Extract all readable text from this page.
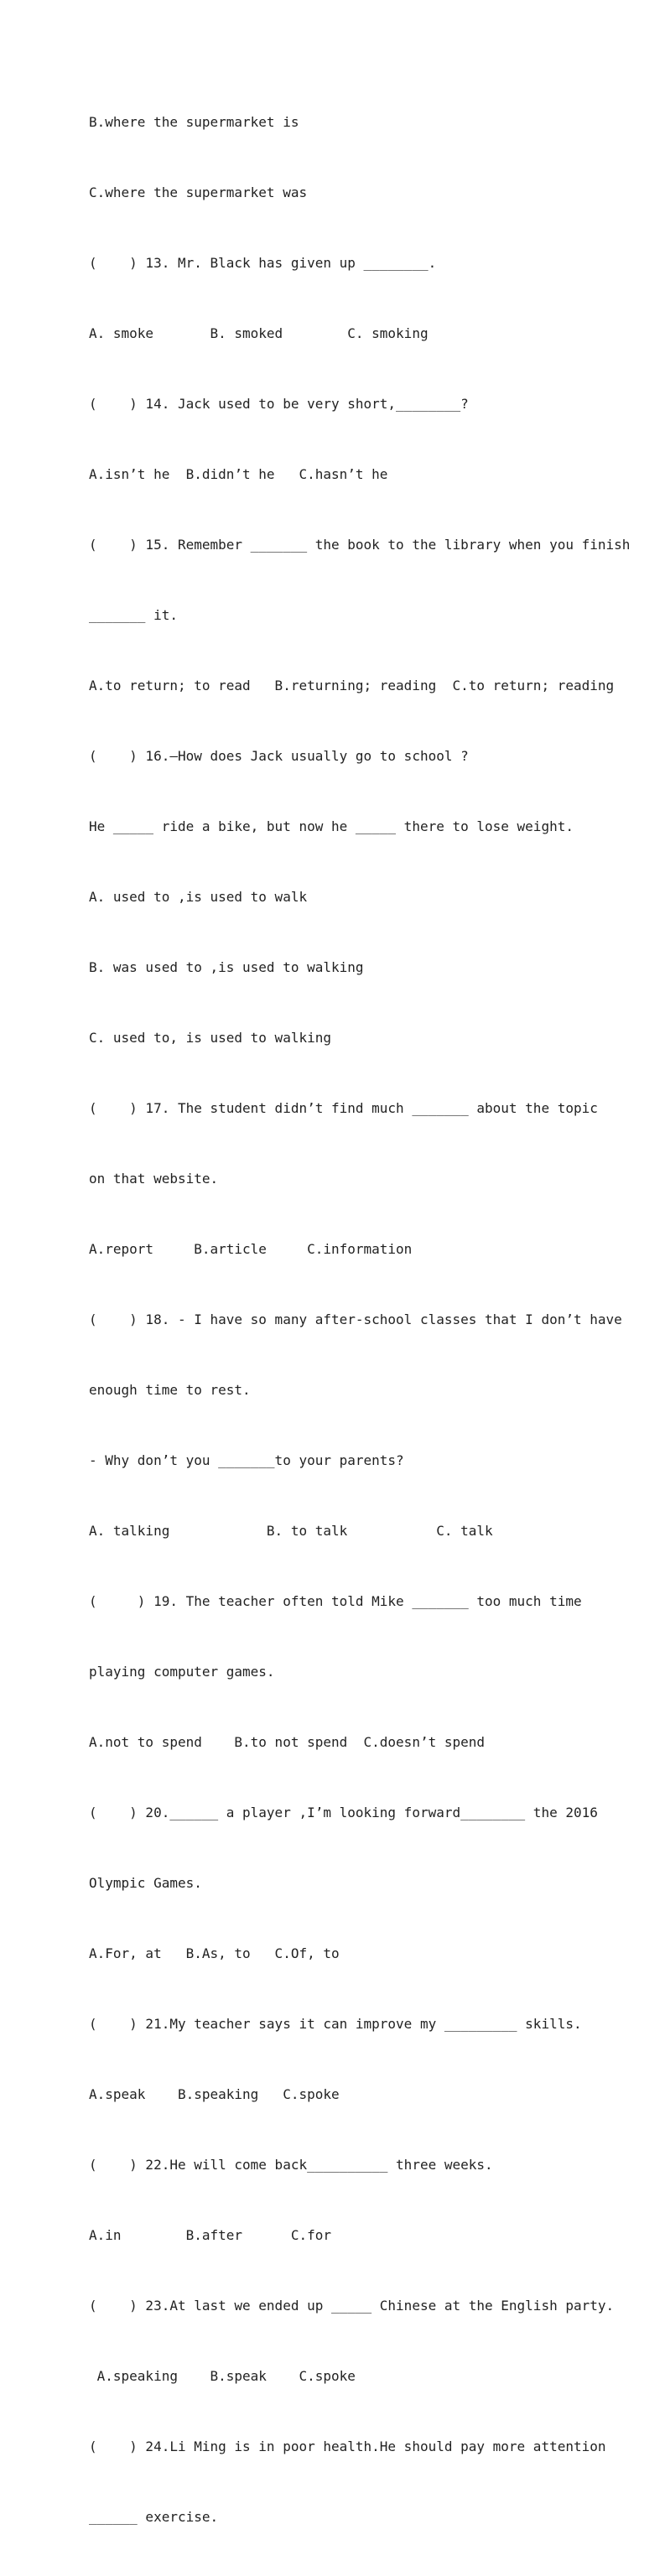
B.where the supermarket is

C.where the supermarket was

(    ) 13. Mr. Black has given up ________.

A. smoke       B. smoked        C. smoking

(    ) 14. Jack used to be very short,________?

A.isn’t he  B.didn’t he   C.hasn’t he

(    ) 15. Remember _______ the book to the library when you finish

_______ it.

A.to return; to read   B.returning; reading  C.to return; reading

(    ) 16.—How does Jack usually go to school ?

He _____ ride a bike, but now he _____ there to lose weight.

A. used to ,is used to walk

B. was used to ,is used to walking

C. used to, is used to walking

(    ) 17. The student didn’t find much _______ about the topic

on that website.

A.report     B.article     C.information

(    ) 18. - I have so many after-school classes that I don’t have

enough time to rest.

- Why don’t you _______to your parents?

A. talking            B. to talk           C. talk

(     ) 19. The teacher often told Mike _______ too much time

playing computer games.

A.not to spend    B.to not spend  C.doesn’t spend

(    ) 20.______ a player ,I’m looking forward________ the 2016

Olympic Games.

A.For, at   B.As, to   C.Of, to

(    ) 21.My teacher says it can improve my _________ skills.

A.speak    B.speaking   C.spoke

(    ) 22.He will come back__________ three weeks.

A.in        B.after      C.for

(    ) 23.At last we ended up _____ Chinese at the English party.

A.speaking    B.speak    C.spoke

(    ) 24.Li Ming is in poor health.He should pay more attention

______ exercise.
